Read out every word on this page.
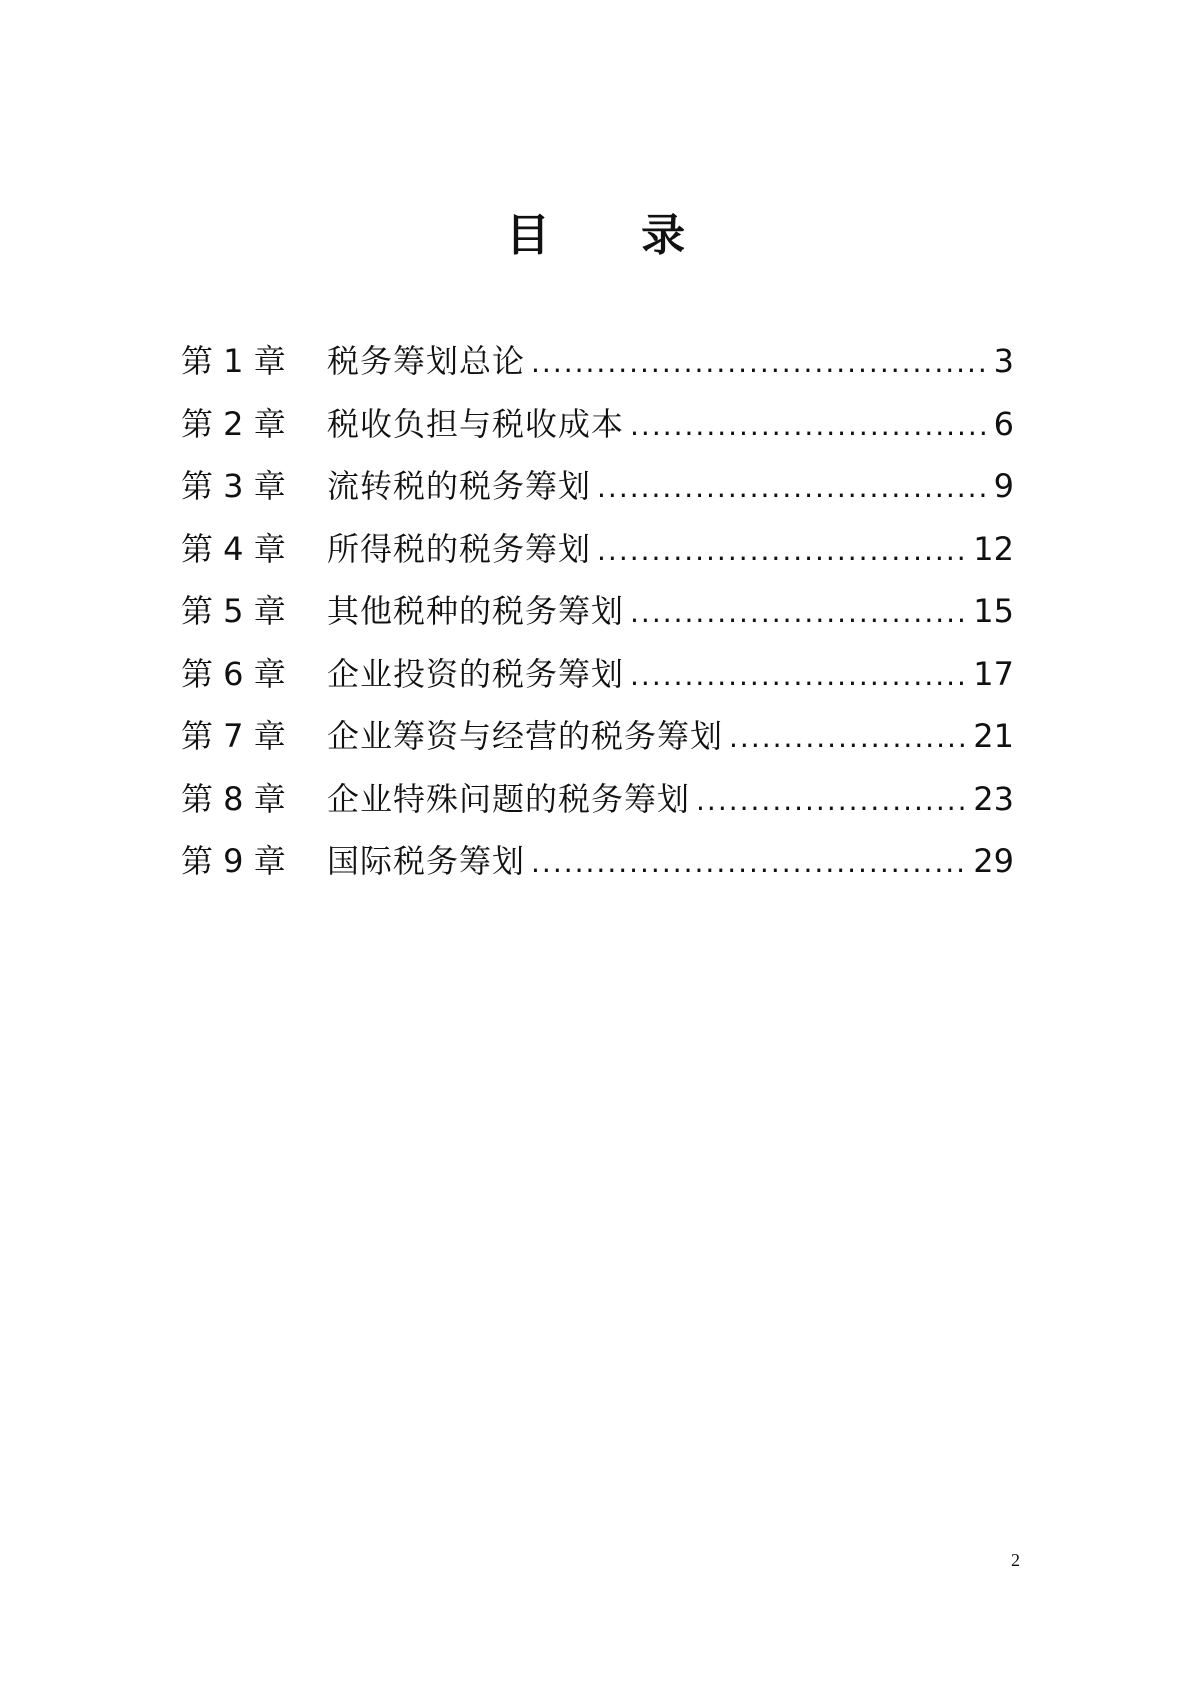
目 录
第 1 章	税务筹划总论 .....	3
第 2 章	税收负担与税收成本 .....	6
第 3 章	流转税的税务筹划 .....	9
第 4 章	所得税的税务筹划 .....	12
第 5 章	其他税种的税务筹划 .....	15
第 6 章	企业投资的税务筹划 .....	17
第 7 章	企业筹资与经营的税务筹划 .....	21
第 8 章	企业特殊问题的税务筹划 .....	23
第 9 章	国际税务筹划 .....	29
2
